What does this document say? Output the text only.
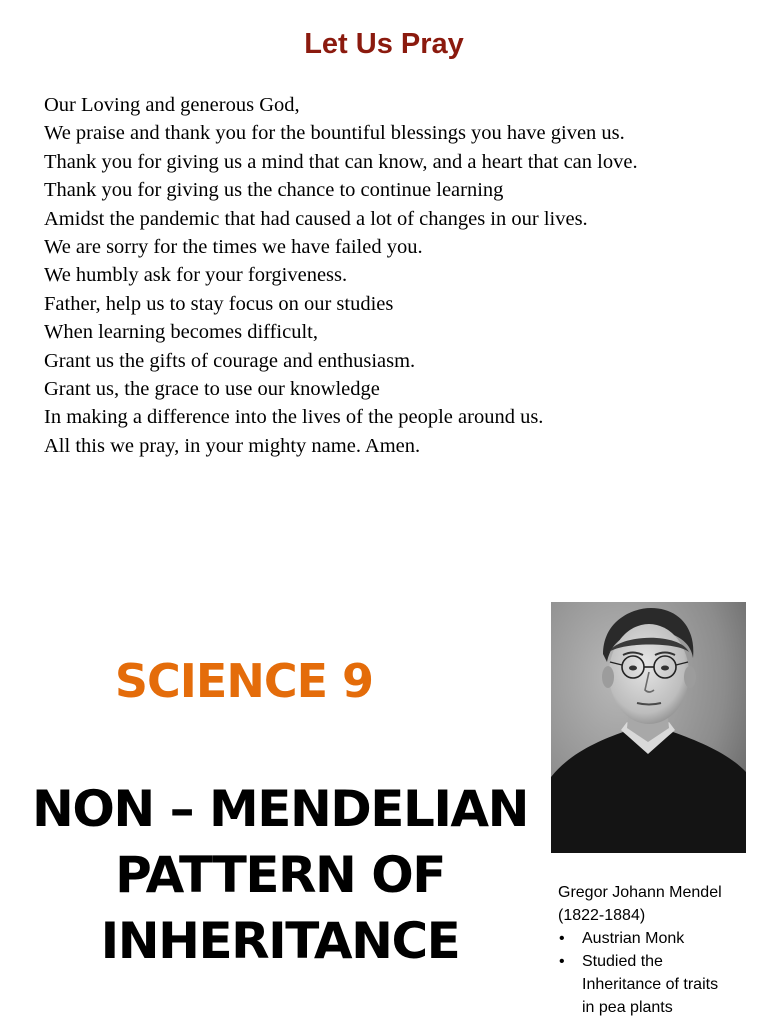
Let Us Pray
Our Loving and generous God,
We praise and thank you for the bountiful blessings you have given us.
Thank you for giving us a mind that can know, and a heart that can love.
Thank you for giving us the chance to continue learning
Amidst the pandemic that had caused a lot of changes in our lives.
We are sorry for the times we have failed you.
We humbly ask for your forgiveness.
Father, help us to stay focus on our studies
When learning becomes difficult,
Grant us the gifts of courage and enthusiasm.
Grant us, the grace to use our knowledge
In making a difference into the lives of the people around us.
All this we pray, in your mighty name. Amen.
SCIENCE 9
NON – MENDELIAN
PATTERN OF
INHERITANCE
Gregor Johann Mendel
(1822-1884)
• Austrian Monk
• Studied the
Inheritance of traits
in pea plants
